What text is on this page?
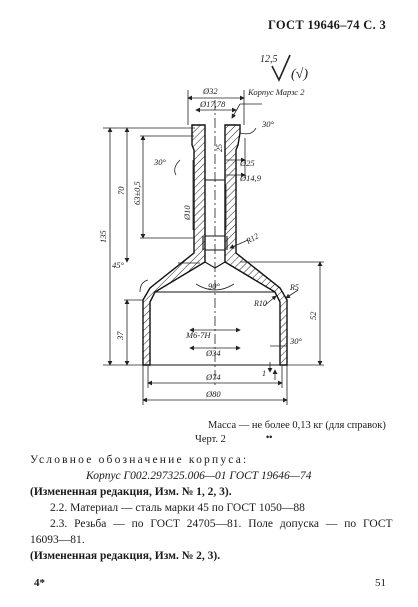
ГОСТ 19646–74 С. 3
12,5
(√)
Корпус Марзс 2
Ø32
Ø17,78
30°
Ø25
Ø14,9
25
30°
70 63±0,5
Ø10
135	R12
45°
90°	R5
R10
37
52
M6-7H
30°
Ø34
1
Ø74
Ø80
Масса — не более 0,13 кг (для справок)
Черт. 2	••
Условное обозначение корпуса:
Корпус Г002.297325.006—01 ГОСТ 19646—74
(Измененная редакция, Изм. № 1, 2, 3).
2.2. Материал — сталь марки 45 по ГОСТ 1050—88
2.3. Резьба — по ГОСТ 24705—81. Поле допуска — по ГОСТ
16093—81.
(Измененная редакция, Изм. № 2, 3).
4*	51
